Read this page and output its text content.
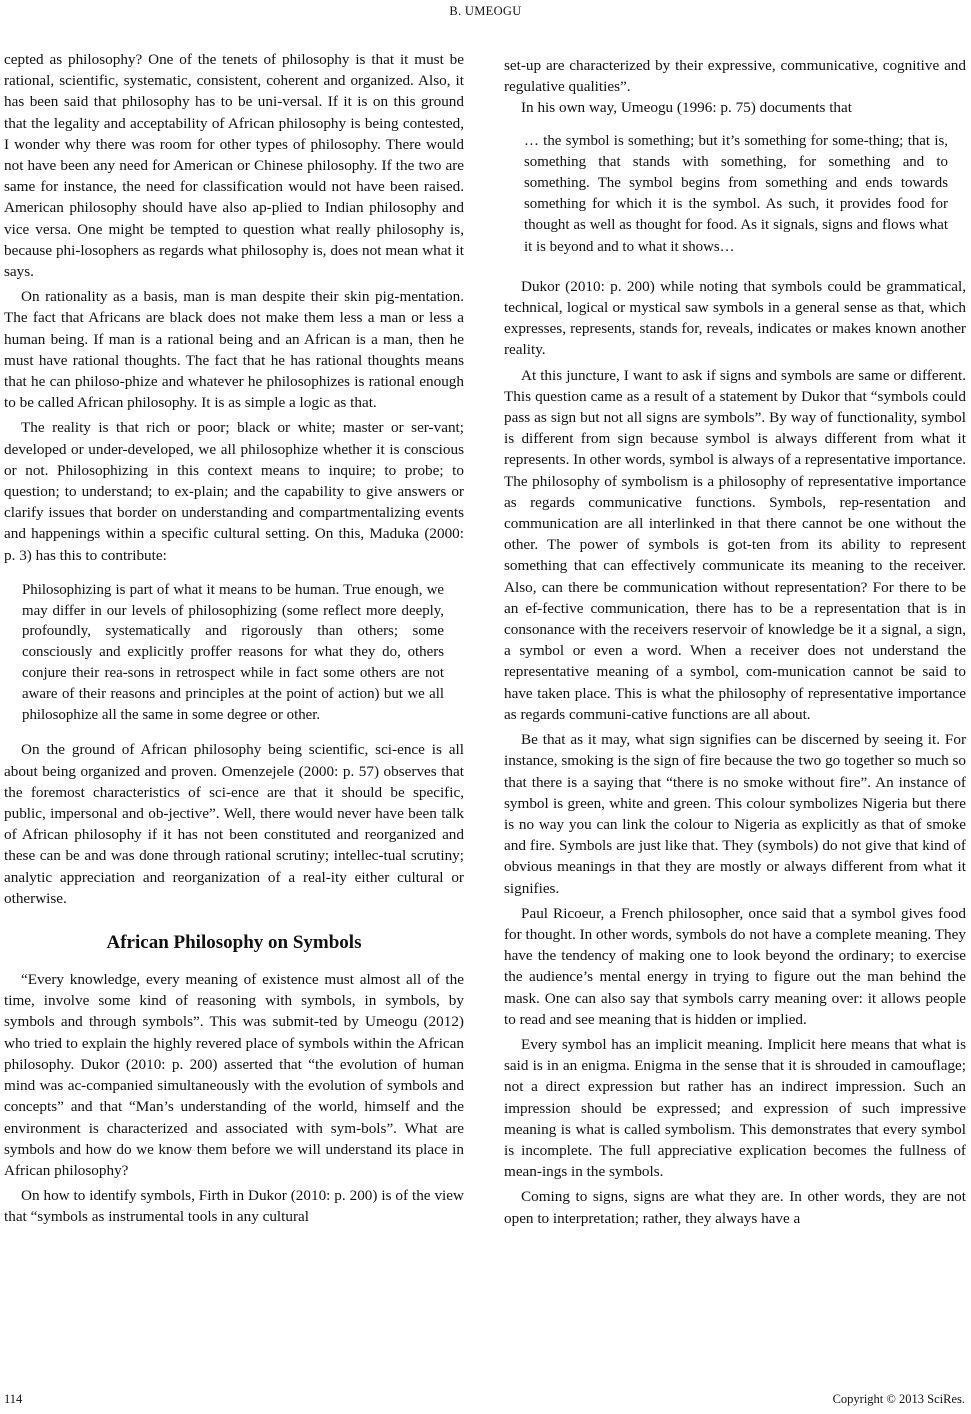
B. UMEOGU

cepted as philosophy? One of the tenets of philosophy is that it must be rational, scientific, systematic, consistent, coherent and organized. Also, it has been said that philosophy has to be uni-versal. If it is on this ground that the legality and acceptability of African philosophy is being contested, I wonder why there was room for other types of philosophy. There would not have been any need for American or Chinese philosophy. If the two are same for instance, the need for classification would not have been raised. American philosophy should have also ap-plied to Indian philosophy and vice versa. One might be tempted to question what really philosophy is, because phi-losophers as regards what philosophy is, does not mean what it says.

On rationality as a basis, man is man despite their skin pig-mentation. The fact that Africans are black does not make them less a man or less a human being. If man is a rational being and an African is a man, then he must have rational thoughts. The fact that he has rational thoughts means that he can philoso-phize and whatever he philosophizes is rational enough to be called African philosophy. It is as simple a logic as that.

The reality is that rich or poor; black or white; master or ser-vant; developed or under-developed, we all philosophize whether it is conscious or not. Philosophizing in this context means to inquire; to probe; to question; to understand; to ex-plain; and the capability to give answers or clarify issues that border on understanding and compartmentalizing events and happenings within a specific cultural setting. On this, Maduka (2000: p. 3) has this to contribute:

Philosophizing is part of what it means to be human. True enough, we may differ in our levels of philosophizing (some reflect more deeply, profoundly, systematically and rigorously than others; some consciously and explicitly proffer reasons for what they do, others conjure their rea-sons in retrospect while in fact some others are not aware of their reasons and principles at the point of action) but we all philosophize all the same in some degree or other.

On the ground of African philosophy being scientific, sci-ence is all about being organized and proven. Omenzejele (2000: p. 57) observes that the foremost characteristics of sci-ence are that it should be specific, public, impersonal and ob-jective”. Well, there would never have been talk of African philosophy if it has not been constituted and reorganized and these can be and was done through rational scrutiny; intellec-tual scrutiny; analytic appreciation and reorganization of a real-ity either cultural or otherwise.

African Philosophy on Symbols

“Every knowledge, every meaning of existence must almost all of the time, involve some kind of reasoning with symbols, in symbols, by symbols and through symbols”. This was submit-ted by Umeogu (2012) who tried to explain the highly revered place of symbols within the African philosophy. Dukor (2010: p. 200) asserted that “the evolution of human mind was ac-companied simultaneously with the evolution of symbols and concepts” and that “Man’s understanding of the world, himself and the environment is characterized and associated with sym-bols”. What are symbols and how do we know them before we will understand its place in African philosophy?

On how to identify symbols, Firth in Dukor (2010: p. 200) is of the view that “symbols as instrumental tools in any cultural

set-up are characterized by their expressive, communicative, cognitive and regulative qualities”.

In his own way, Umeogu (1996: p. 75) documents that

… the symbol is something; but it’s something for some-thing; that is, something that stands with something, for something and to something. The symbol begins from something and ends towards something for which it is the symbol. As such, it provides food for thought as well as thought for food. As it signals, signs and flows what it is beyond and to what it shows…

Dukor (2010: p. 200) while noting that symbols could be grammatical, technical, logical or mystical saw symbols in a general sense as that, which expresses, represents, stands for, reveals, indicates or makes known another reality.

At this juncture, I want to ask if signs and symbols are same or different. This question came as a result of a statement by Dukor that “symbols could pass as sign but not all signs are symbols”. By way of functionality, symbol is different from sign because symbol is always different from what it represents. In other words, symbol is always of a representative importance. The philosophy of symbolism is a philosophy of representative importance as regards communicative functions. Symbols, rep-resentation and communication are all interlinked in that there cannot be one without the other. The power of symbols is got-ten from its ability to represent something that can effectively communicate its meaning to the receiver. Also, can there be communication without representation? For there to be an ef-fective communication, there has to be a representation that is in consonance with the receivers reservoir of knowledge be it a signal, a sign, a symbol or even a word. When a receiver does not understand the representative meaning of a symbol, com-munication cannot be said to have taken place. This is what the philosophy of representative importance as regards communi-cative functions are all about.

Be that as it may, what sign signifies can be discerned by seeing it. For instance, smoking is the sign of fire because the two go together so much so that there is a saying that “there is no smoke without fire”. An instance of symbol is green, white and green. This colour symbolizes Nigeria but there is no way you can link the colour to Nigeria as explicitly as that of smoke and fire. Symbols are just like that. They (symbols) do not give that kind of obvious meanings in that they are mostly or always different from what it signifies.

Paul Ricoeur, a French philosopher, once said that a symbol gives food for thought. In other words, symbols do not have a complete meaning. They have the tendency of making one to look beyond the ordinary; to exercise the audience’s mental energy in trying to figure out the man behind the mask. One can also say that symbols carry meaning over: it allows people to read and see meaning that is hidden or implied.

Every symbol has an implicit meaning. Implicit here means that what is said is in an enigma. Enigma in the sense that it is shrouded in camouflage; not a direct expression but rather has an indirect impression. Such an impression should be expressed; and expression of such impressive meaning is what is called symbolism. This demonstrates that every symbol is incomplete. The full appreciative explication becomes the fullness of mean-ings in the symbols.

Coming to signs, signs are what they are. In other words, they are not open to interpretation; rather, they always have a

114	Copyright © 2013 SciRes.
